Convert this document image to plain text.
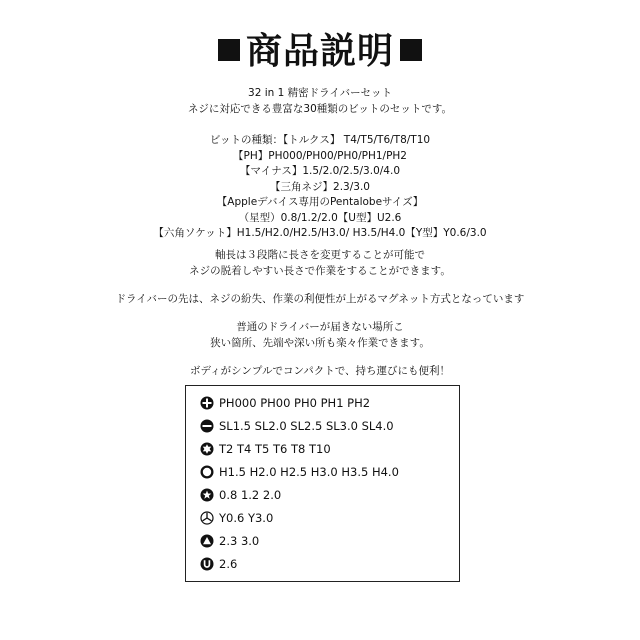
商品説明
32 in 1 精密ドライバーセット
ネジに対応できる豊富な30種類のビットのセットです。
ビットの種類：【トルクス】 T4/T5/T6/T8/T10
【PH】PH000/PH00/PH0/PH1/PH2
【マイナス】1.5/2.0/2.5/3.0/4.0
【三角ネジ】2.3/3.0
【Appleデバイス専用のPentalobeサイズ】
（星型）0.8/1.2/2.0【U型】U2.6
【六角ソケット】H1.5/H2.0/H2.5/H3.0/ H3.5/H4.0【Y型】Y0.6/3.0
軸長は３段階に長さを変更することが可能で
ネジの脱着しやすい長さで作業をすることができます。
ドライバーの先は、ネジの紛失、作業の利便性が上がるマグネット方式となっています
普通のドライバーが届きない場所こ
狭い箇所、先端や深い所も楽々作業できます。
ボディがシンプルでコンパクトで、持ち運びにも便利！
PH000 PH00 PH0 PH1 PH2
SL1.5 SL2.0 SL2.5 SL3.0 SL4.0
T2 T4 T5 T6 T8 T10
H1.5 H2.0 H2.5 H3.0 H3.5 H4.0
0.8 1.2 2.0
Y0.6 Y3.0
2.3 3.0
2.6
